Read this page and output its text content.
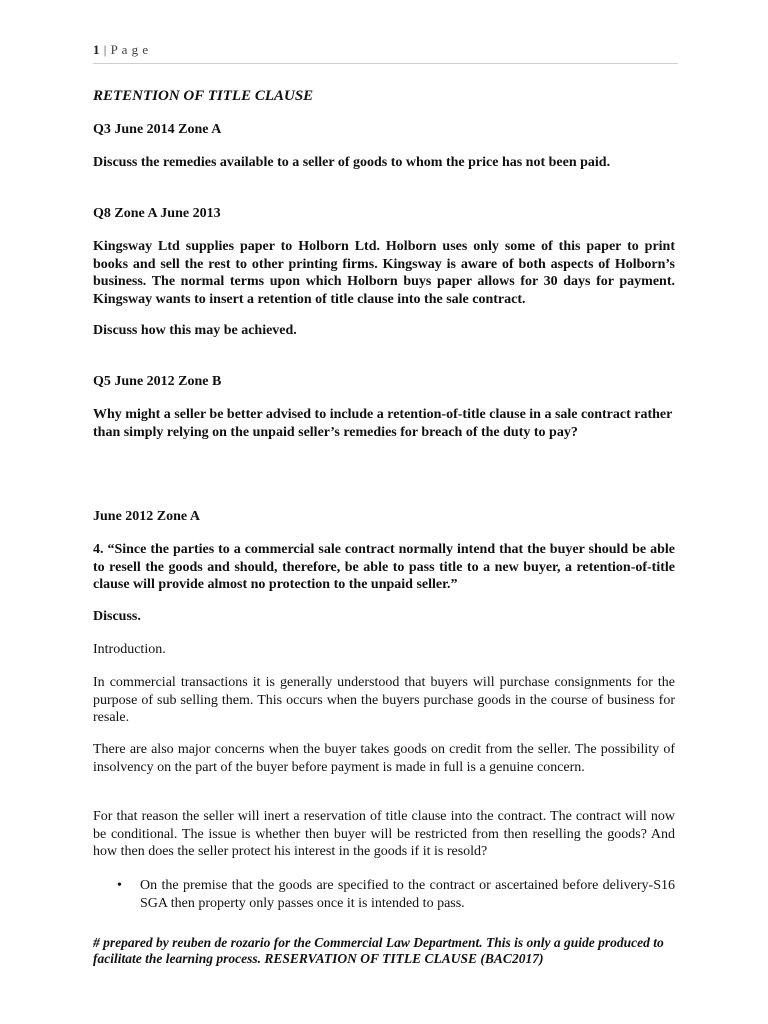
1 | P a g e
RETENTION OF TITLE CLAUSE
Q3 June 2014 Zone A
Discuss the remedies available to a seller of goods to whom the price has not been paid.
Q8 Zone A June 2013
Kingsway Ltd supplies paper to Holborn Ltd. Holborn uses only some of this paper to print books and sell the rest to other printing firms. Kingsway is aware of both aspects of Holborn’s business. The normal terms upon which Holborn buys paper allows for 30 days for payment. Kingsway wants to insert a retention of title clause into the sale contract.
Discuss how this may be achieved.
Q5 June 2012 Zone B
Why might a seller be better advised to include a retention-of-title clause in a sale contract rather than simply relying on the unpaid seller’s remedies for breach of the duty to pay?
June 2012 Zone A
4. “Since the parties to a commercial sale contract normally intend that the buyer should be able to resell the goods and should, therefore, be able to pass title to a new buyer, a retention-of-title clause will provide almost no protection to the unpaid seller.”
Discuss.
Introduction.
In commercial transactions it is generally understood that buyers will purchase consignments for the purpose of sub selling them. This occurs when the buyers purchase goods in the course of business for resale.
There are also major concerns when the buyer takes goods on credit from the seller. The possibility of insolvency on the part of the buyer before payment is made in full is a genuine concern.
For that reason the seller will inert a reservation of title clause into the contract. The contract will now be conditional. The issue is whether then buyer will be restricted from then reselling the goods? And how then does the seller protect his interest in the goods if it is resold?
• On the premise that the goods are specified to the contract or ascertained before delivery-S16 SGA then property only passes once it is intended to pass.
# prepared by reuben de rozario for the Commercial Law Department. This is only a guide produced to facilitate the learning process. RESERVATION OF TITLE CLAUSE (BAC2017)
